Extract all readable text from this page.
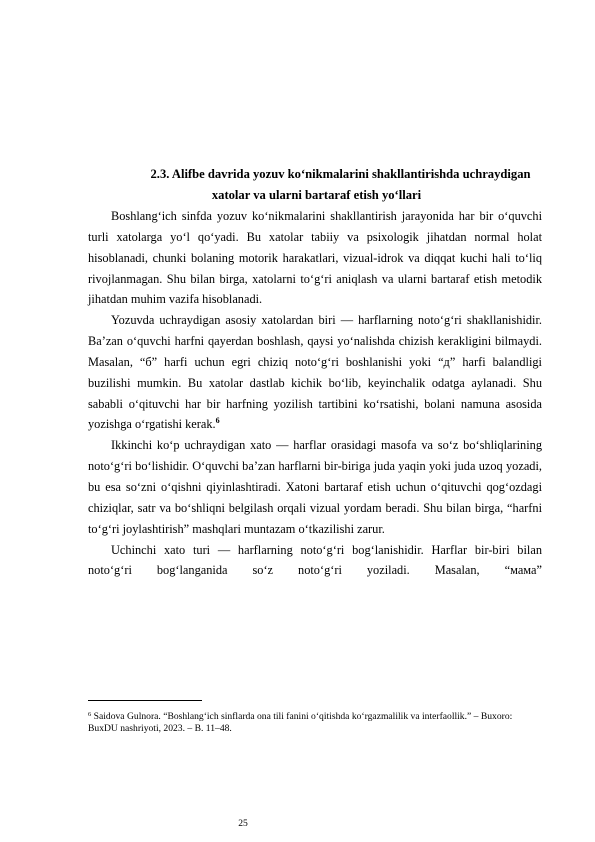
2.3. Alifbe davrida yozuv ko‘nikmalarini shakllantirishda uchraydigan
xatolar va ularni bartaraf etish yo‘llari

Boshlang‘ich sinfda yozuv ko‘nikmalarini shakllantirish jarayonida har bir o‘quvchi turli xatolarga yo‘l qo‘yadi. Bu xatolar tabiiy va psixologik jihatdan normal holat hisoblanadi, chunki bolaning motorik harakatlari, vizual-idrok va diqqat kuchi hali to‘liq rivojlanmagan. Shu bilan birga, xatolarni to‘g‘ri aniqlash va ularni bartaraf etish metodik jihatdan muhim vazifa hisoblanadi.

Yozuvda uchraydigan asosiy xatolardan biri — harflarning noto‘g‘ri shakllanishidir. Ba’zan o‘quvchi harfni qayerdan boshlash, qaysi yo‘nalishda chizish kerakligini bilmaydi. Masalan, “б” harfi uchun egri chiziq noto‘g‘ri boshlanishi yoki “д” harfi balandligi buzilishi mumkin. Bu xatolar dastlab kichik bo‘lib, keyinchalik odatga aylanadi. Shu sababli o‘qituvchi har bir harfning yozilish tartibini ko‘rsatishi, bolani namuna asosida yozishga o‘rgatishi kerak.$^6$

Ikkinchi ko‘p uchraydigan xato — harflar orasidagi masofa va so‘z bo‘shliqlarining noto‘g‘ri bo‘lishidir. O‘quvchi ba’zan harflarni bir-biriga juda yaqin yoki juda uzoq yozadi, bu esa so‘zni o‘qishni qiyinlashtiradi. Xatoni bartaraf etish uchun o‘qituvchi qog‘ozdagi chiziqlar, satr va bo‘shliqni belgilash orqali vizual yordam beradi. Shu bilan birga, “harfni to‘g‘ri joylashtirish” mashqlari muntazam o‘tkazilishi zarur.

Uchinchi xato turi — harflarning noto‘g‘ri bog‘lanishidir. Harflar bir-biri bilan noto‘g‘ri bog‘langanida so‘z noto‘g‘ri yoziladi. Masalan, “мама”

$^6$ Saidova Gulnora. “Boshlang‘ich sinflarda ona tili fanini o‘qitishda ko‘rgazmalilik va interfaollik.” – Buxoro: BuxDU nashriyoti, 2023. – B. 11–48.
25
